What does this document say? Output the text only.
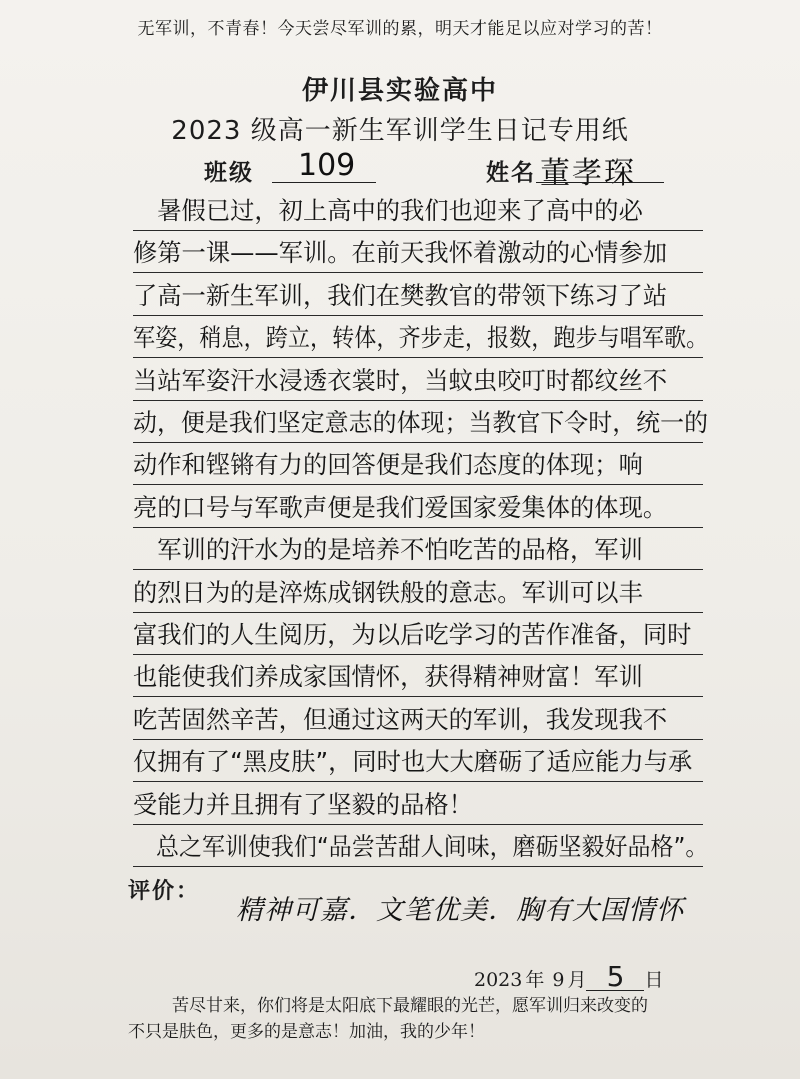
无军训，不青春！今天尝尽军训的累，明天才能足以应对学习的苦！
伊川县实验高中
2023 级高一新生军训学生日记专用纸
班级 109	姓名 董孝琛
　暑假已过，初上高中的我们也迎来了高中的必
修第一课——军训。在前天我怀着激动的心情参加
了高一新生军训，我们在樊教官的带领下练习了站
军姿，稍息，跨立，转体，齐步走，报数，跑步与唱军歌。
当站军姿汗水浸透衣裳时，当蚊虫咬叮时都纹丝不
动，便是我们坚定意志的体现；当教官下令时，统一的
动作和铿锵有力的回答便是我们态度的体现；响
亮的口号与军歌声便是我们爱国家爱集体的体现。
　军训的汗水为的是培养不怕吃苦的品格，军训
的烈日为的是淬炼成钢铁般的意志。军训可以丰
富我们的人生阅历，为以后吃学习的苦作准备，同时
也能使我们养成家国情怀，获得精神财富！军训
吃苦固然辛苦，但通过这两天的军训，我发现我不
仅拥有了“黑皮肤”，同时也大大磨砺了适应能力与承
受能力并且拥有了坚毅的品格！
　总之军训使我们“品尝苦甜人间味，磨砺坚毅好品格”。
评价：
精神可嘉．文笔优美．胸有大国情怀
2023 年 9 月 5 日
苦尽甘来，你们将是太阳底下最耀眼的光芒，愿军训归来改变的
不只是肤色，更多的是意志！加油，我的少年！
